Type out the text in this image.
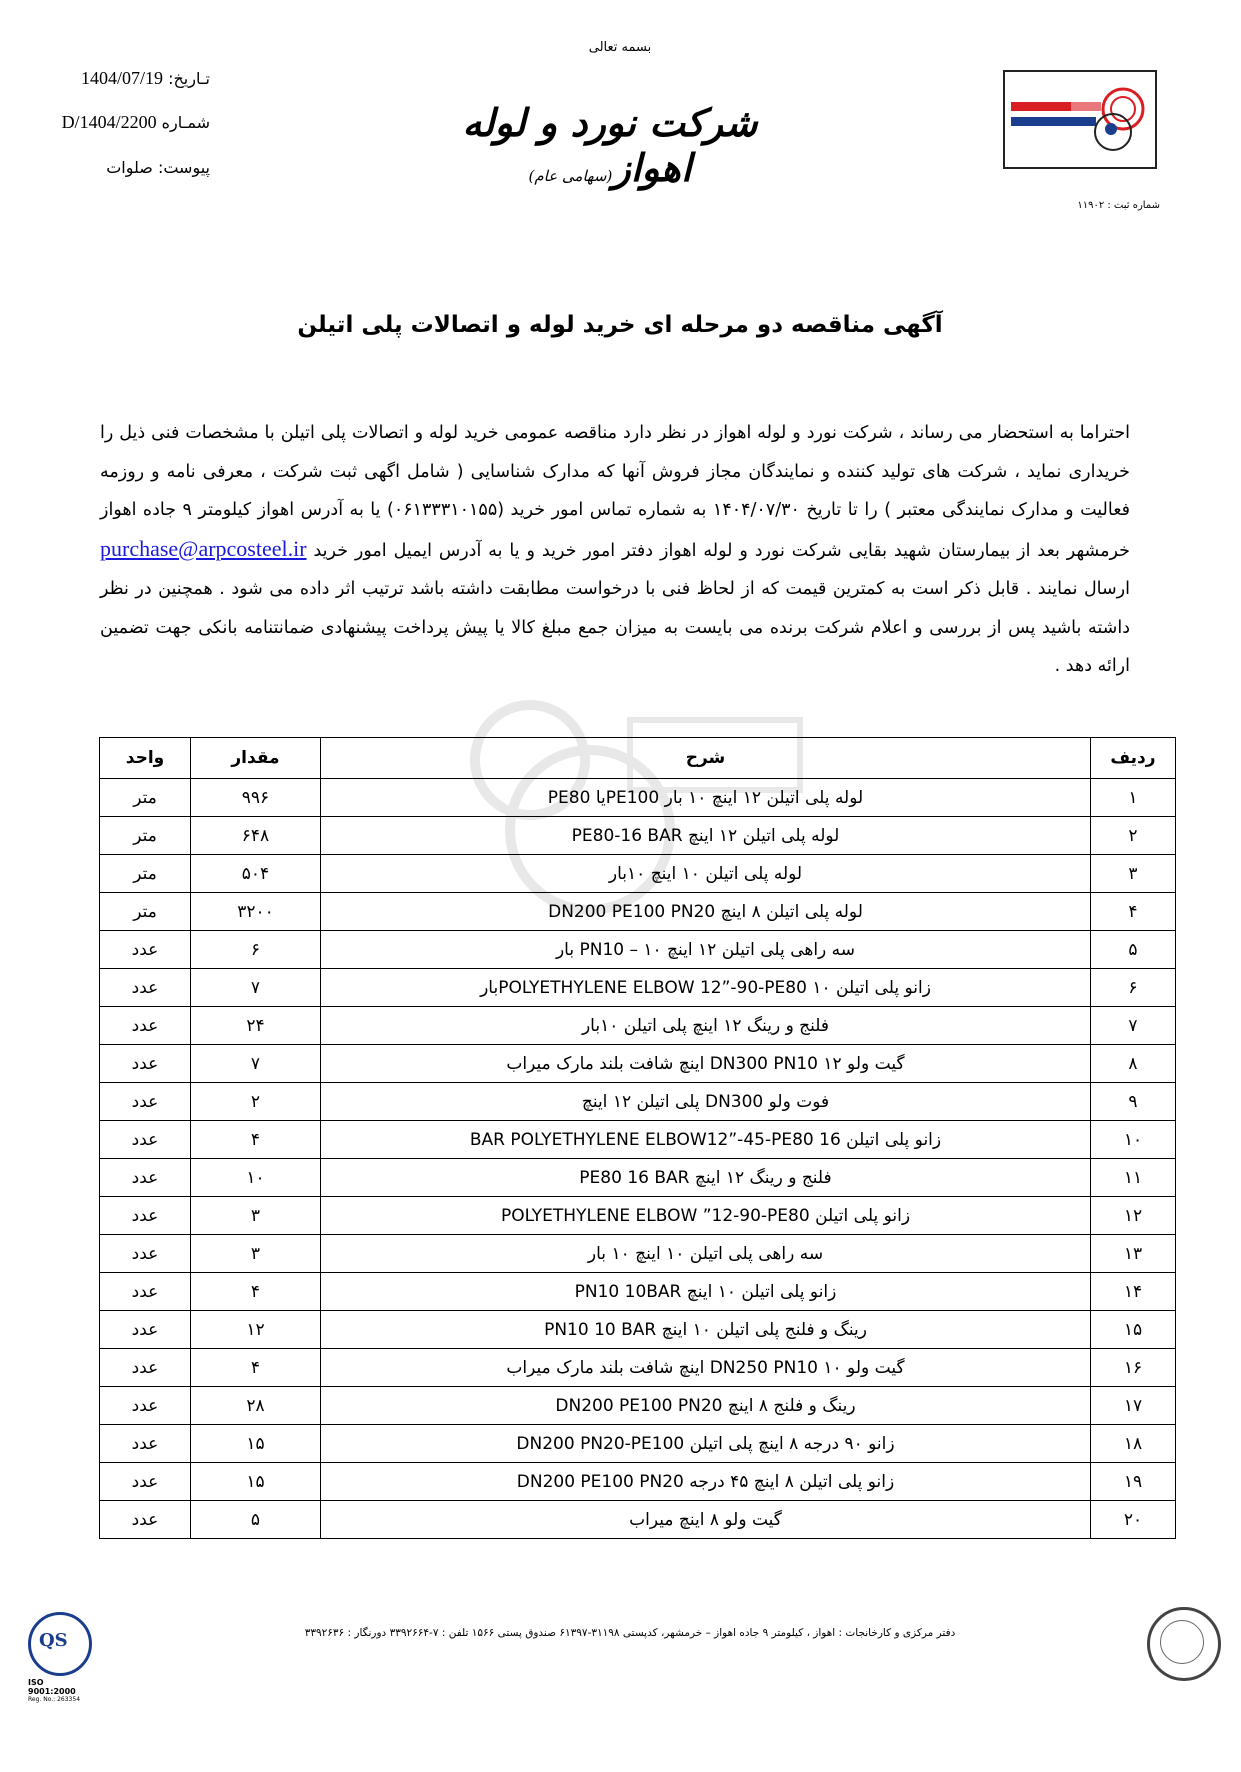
بسمه تعالی
تـاريخ: 1404/07/19
شمـاره D/1404/2200
پيوست: صلوات
شرکت نورد و لوله اهواز(سهامی عام)
شماره ثبت : ۱۱۹۰۲
آگهی مناقصه دو مرحله ای خرید لوله و اتصالات پلی اتیلن
احتراما به استحضار می رساند ، شرکت نورد و لوله اهواز در نظر دارد مناقصه عمومی خرید لوله و اتصالات پلی اتیلن با مشخصات فنی ذیل را خریداری نماید ، شرکت های تولید کننده و نمایندگان مجاز فروش آنها که مدارک شناسایی ( شامل اگهی ثبت شرکت ، معرفی نامه و روزمه فعالیت و مدارک نمایندگی معتبر ) را تا تاریخ ۱۴۰۴/۰۷/۳۰ به شماره تماس امور خرید (۰۶۱۳۳۳۱۰۱۵۵) یا به آدرس اهواز کیلومتر ۹ جاده اهواز خرمشهر بعد از بیمارستان شهید بقایی شرکت نورد و لوله اهواز دفتر امور خرید و یا به آدرس ایمیل امور خرید purchase@arpcosteel.ir ارسال نمایند . قابل ذکر است به کمترین قیمت که از لحاظ فنی با درخواست مطابقت داشته باشد ترتیب اثر داده می شود . همچنین در نظر داشته باشید پس از بررسی و اعلام شرکت برنده می بایست به میزان جمع مبلغ کالا یا پیش پرداخت پیشنهادی ضمانتنامه بانکی جهت تضمین ارائه دهد .
ردیف	شرح	مقدار	واحد
۱	لوله پلی اتیلن ۱۲ اینچ ۱۰ بار PE100یا PE80	۹۹۶	متر
۲	لوله پلی اتیلن ۱۲ اینچ PE80-16 BAR	۶۴۸	متر
۳	لوله پلی اتیلن ۱۰ اینچ ۱۰بار	۵۰۴	متر
۴	لوله پلی اتیلن ۸ اینچ DN200 PE100 PN20	۳۲۰۰	متر
۵	سه راهی پلی اتیلن ۱۲ اینچ PN10 – ۱۰ بار	۶	عدد
۶	زانو پلی اتیلن POLYETHYLENE ELBOW 12”-90-PE80 ۱۰بار	۷	عدد
۷	فلنج و رینگ ۱۲ اینچ پلی اتیلن ۱۰بار	۲۴	عدد
۸	گیت ولو DN300 PN10 ۱۲ اینچ شافت بلند مارک میراب	۷	عدد
۹	فوت ولو DN300 پلی اتیلن ۱۲ اینچ	۲	عدد
۱۰	زانو پلی اتیلن 16 BAR POLYETHYLENE ELBOW12”-45-PE80	۴	عدد
۱۱	فلنج و رینگ ۱۲ اینچ PE80 16 BAR	۱۰	عدد
۱۲	زانو پلی اتیلن POLYETHYLENE ELBOW ”12-90-PE80	۳	عدد
۱۳	سه راهی پلی اتیلن ۱۰ اینچ ۱۰ بار	۳	عدد
۱۴	زانو پلی اتیلن ۱۰ اینچ PN10 10BAR	۴	عدد
۱۵	رینگ و فلنج پلی اتیلن ۱۰ اینچ PN10 10 BAR	۱۲	عدد
۱۶	گیت ولو DN250 PN10 ۱۰ اینچ شافت بلند مارک میراب	۴	عدد
۱۷	رینگ و فلنج ۸ اینچ DN200 PE100 PN20	۲۸	عدد
۱۸	زانو ۹۰ درجه ۸ اینچ پلی اتیلن DN200 PN20-PE100	۱۵	عدد
۱۹	زانو پلی اتیلن ۸ اینچ ۴۵ درجه DN200 PE100 PN20	۱۵	عدد
۲۰	گیت ولو ۸ اینچ میراب	۵	عدد
QS
ISO 9001:2000
Reg. No.: 263354
دفتر مرکزی و کارخانجات : اهواز ، کیلومتر ۹ جاده اهواز – خرمشهر، کدپستی ۳۱۱۹۸-۶۱۳۹۷ صندوق پستی ۱۵۶۶ تلفن : ۷-۳۳۹۲۶۶۴ دورنگار : ۳۳۹۲۶۳۶
